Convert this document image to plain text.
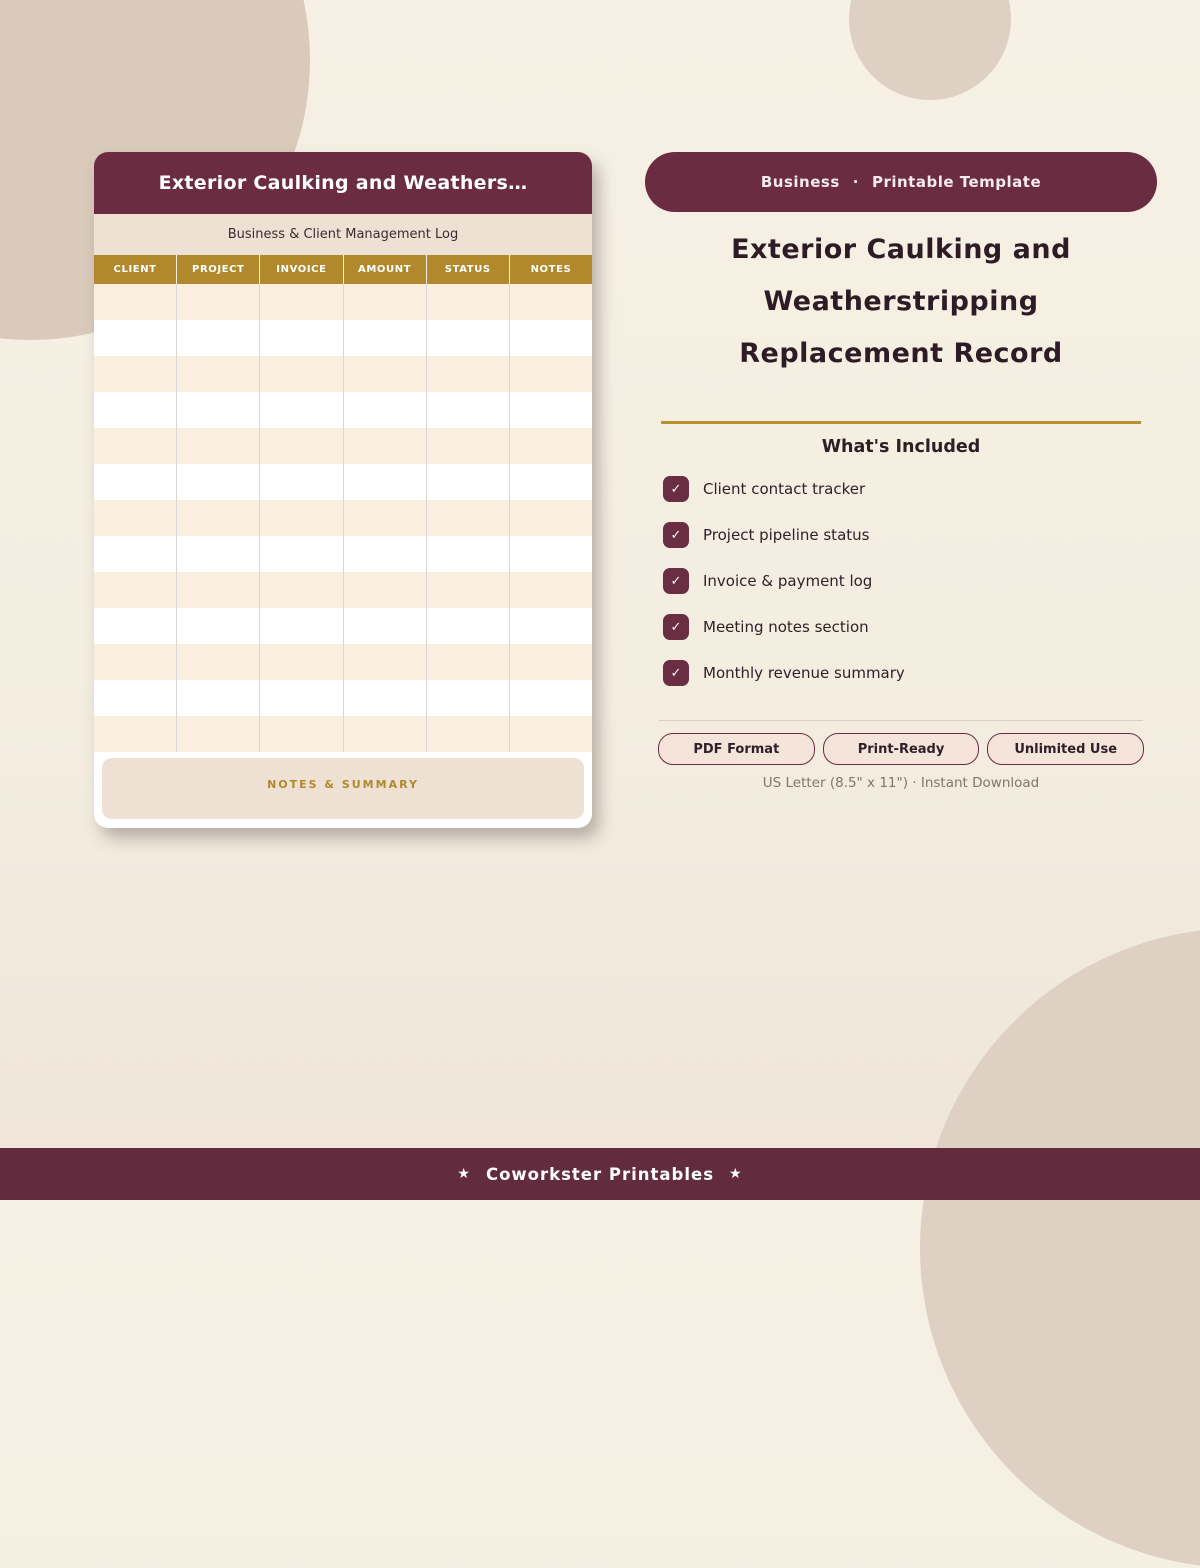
Exterior Caulking and Weathers…
Business & Client Management Log
CLIENT	PROJECT	INVOICE	AMOUNT	STATUS	NOTES
NOTES & SUMMARY
Business · Printable Template
Exterior Caulking and
Weatherstripping
Replacement Record
What's Included
✓	Client contact tracker
✓	Project pipeline status
✓	Invoice & payment log
✓	Meeting notes section
✓	Monthly revenue summary
PDF Format	Print-Ready	Unlimited Use
US Letter (8.5" x 11") · Instant Download
★ Coworkster Printables ★
